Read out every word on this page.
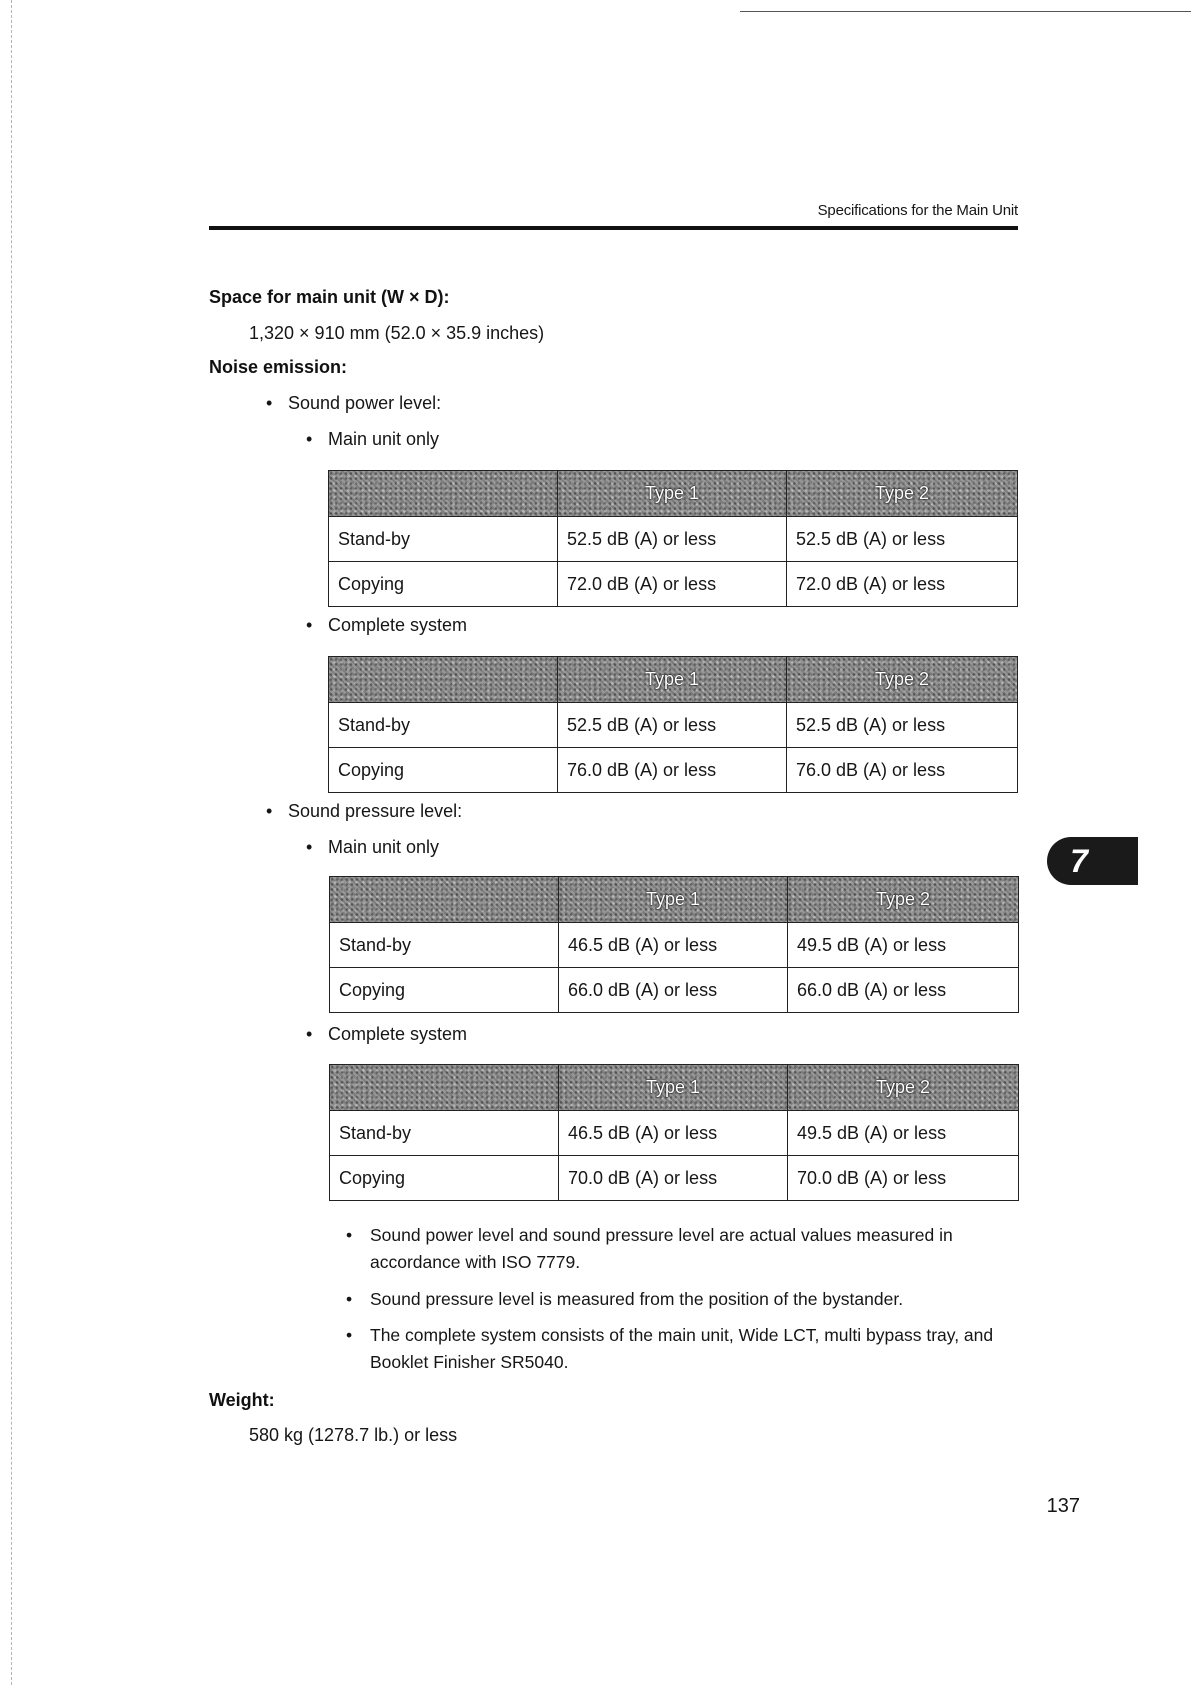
Specifications for the Main Unit
7
Space for main unit (W × D):
1,320 × 910 mm (52.0 × 35.9 inches)
Noise emission:
• Sound power level:
• Main unit only
	Type 1	Type 2
Stand-by	52.5 dB (A) or less	52.5 dB (A) or less
Copying	72.0 dB (A) or less	72.0 dB (A) or less
• Complete system
	Type 1	Type 2
Stand-by	52.5 dB (A) or less	52.5 dB (A) or less
Copying	76.0 dB (A) or less	76.0 dB (A) or less
• Sound pressure level:
• Main unit only
	Type 1	Type 2
Stand-by	46.5 dB (A) or less	49.5 dB (A) or less
Copying	66.0 dB (A) or less	66.0 dB (A) or less
• Complete system
	Type 1	Type 2
Stand-by	46.5 dB (A) or less	49.5 dB (A) or less
Copying	70.0 dB (A) or less	70.0 dB (A) or less
• Sound power level and sound pressure level are actual values measured in accordance with ISO 7779.
• Sound pressure level is measured from the position of the bystander.
• The complete system consists of the main unit, Wide LCT, multi bypass tray, and Booklet Finisher SR5040.
Weight:
580 kg (1278.7 lb.) or less
137
